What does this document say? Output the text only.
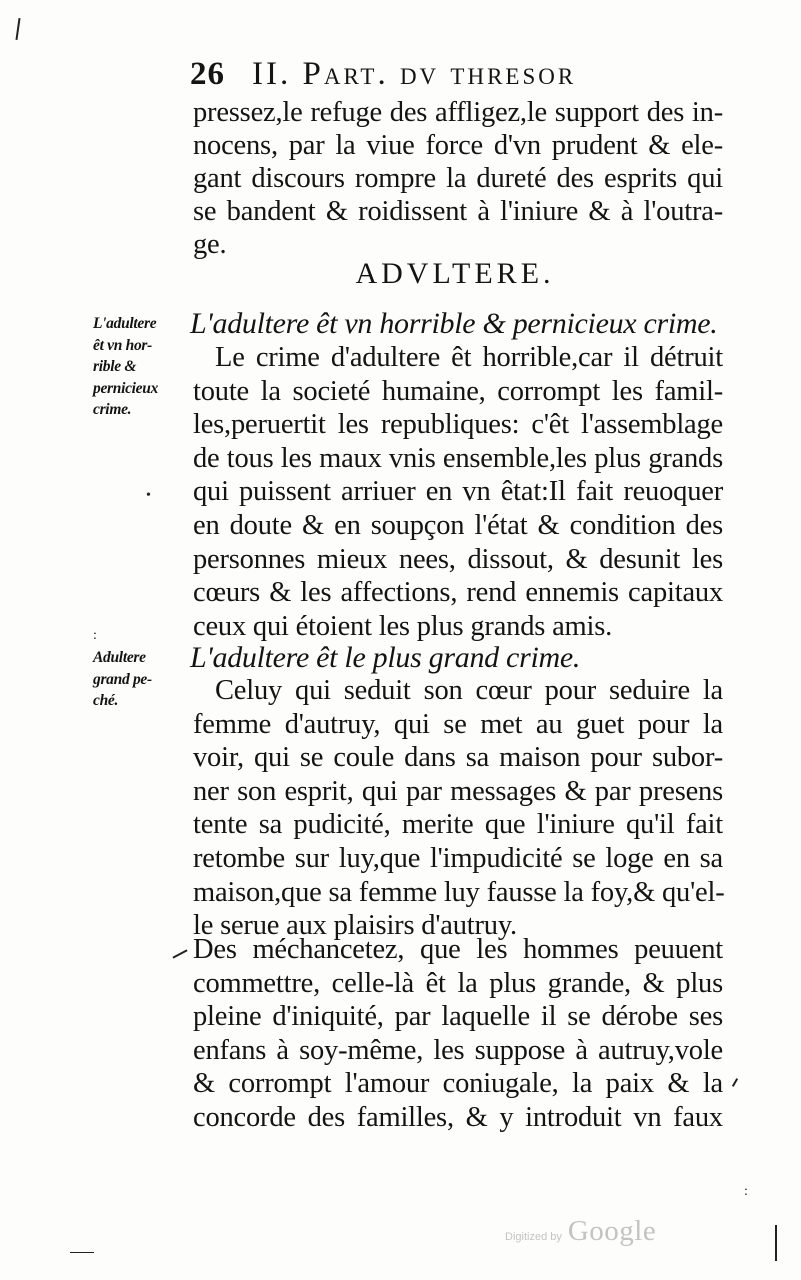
26 II. Part. dv thresor
pressez,le refuge des affligez,le support des in-
nocens, par la viue force d'vn prudent & ele-
gant discours rompre la dureté des esprits qui
se bandent & roidissent à l'iniure & à l'outra-
ge.
ADVLTERE.
L'adultere êt vn horrible & pernicieux crime.
Le crime d'adultere êt horrible,car il détruit
toute la societé humaine, corrompt les famil-
les,peruertit les republiques: c'êt l'assemblage
de tous les maux vnis ensemble,les plus grands
qui puissent arriuer en vn êtat:Il fait reuoquer
en doute & en soupçon l'état & condition des
personnes mieux nees, dissout, & desunit les
cœurs & les affections, rend ennemis capitaux
ceux qui étoient les plus grands amis.
L'adultere êt le plus grand crime.
Celuy qui seduit son cœur pour seduire la
femme d'autruy, qui se met au guet pour la
voir, qui se coule dans sa maison pour subor-
ner son esprit, qui par messages & par presens
tente sa pudicité, merite que l'iniure qu'il fait
retombe sur luy,que l'impudicité se loge en sa
maison,que sa femme luy fausse la foy,& qu'el-
le serue aux plaisirs d'autruy.
Des méchancetez, que les hommes peuuent
commettre, celle-là êt la plus grande, & plus
pleine d'iniquité, par laquelle il se dérobe ses
enfans à soy-même, les suppose à autruy,vole
& corrompt l'amour coniugale, la paix & la
concorde des familles, & y introduit vn faux
L'adultere
êt vn hor-
rible &
pernicieux
crime.
Adultere
grand pe-
ché.
•
:
:
Digitized by Google
